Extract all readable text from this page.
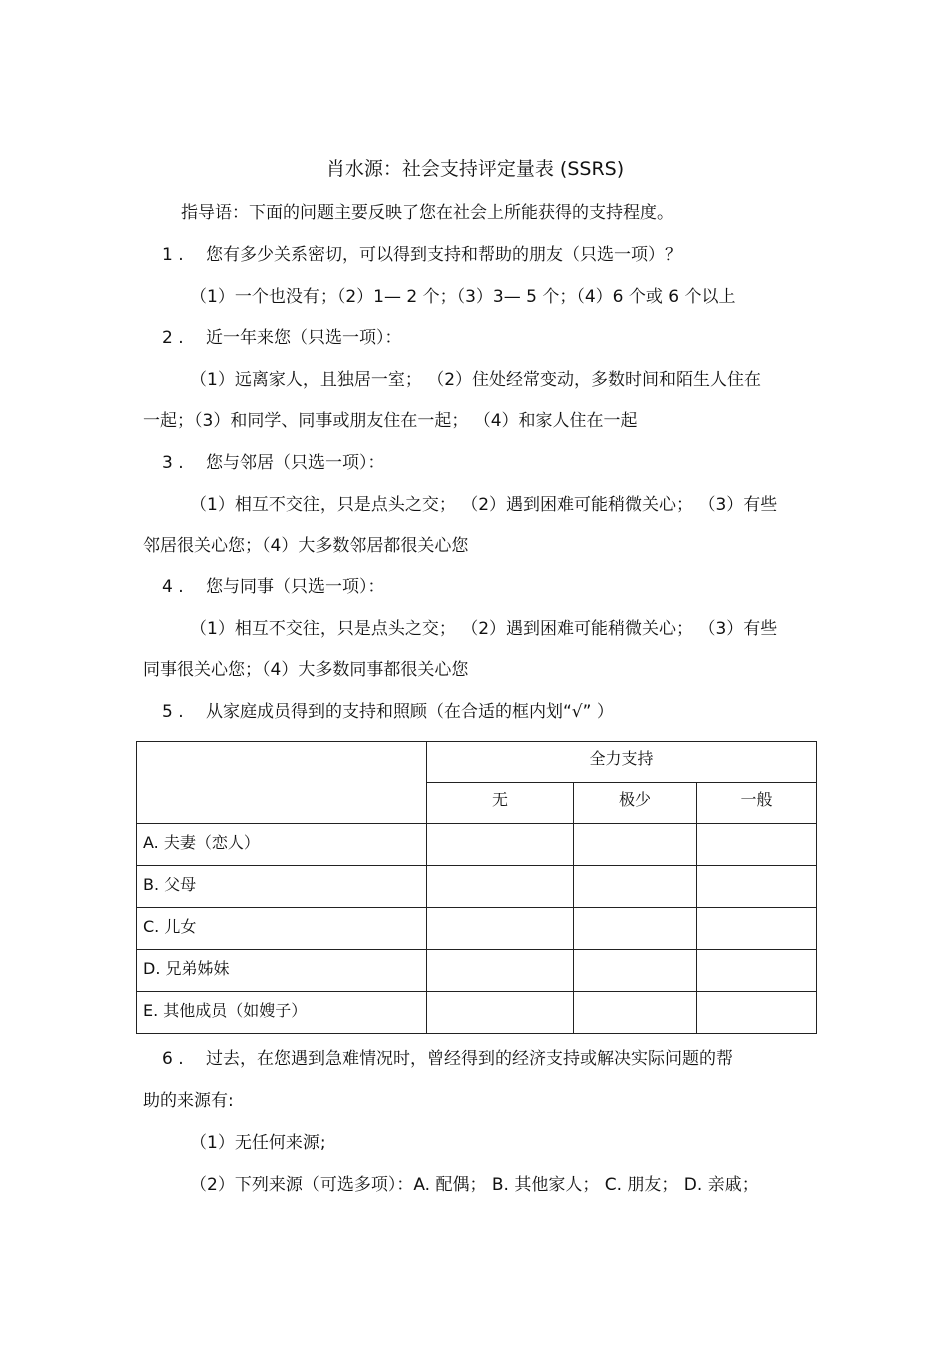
肖水源：社会支持评定量表 (SSRS)
指导语：下面的问题主要反映了您在社会上所能获得的支持程度。
1 . 您有多少关系密切，可以得到支持和帮助的朋友（只选一项）？
（1）一个也没有；（2）1— 2 个；（3）3— 5 个；（4）6 个或 6 个以上
2 . 近一年来您（只选一项）：
（1）远离家人，且独居一室； （2）住处经常变动，多数时间和陌生人住在
一起；（3）和同学、同事或朋友住在一起； （4）和家人住在一起
3 . 您与邻居（只选一项）：
（1）相互不交往，只是点头之交； （2）遇到困难可能稍微关心； （3）有些
邻居很关心您；（4）大多数邻居都很关心您
4 . 您与同事（只选一项）：
（1）相互不交往，只是点头之交； （2）遇到困难可能稍微关心； （3）有些
同事很关心您；（4）大多数同事都很关心您
5 . 从家庭成员得到的支持和照顾（在合适的框内划“√” ）
	全力支持		
	无	极少	一般
A. 夫妻（恋人）			
B. 父母			
C. 儿女			
D. 兄弟姊妹			
E. 其他成员（如嫂子）			
6 . 过去，在您遇到急难情况时，曾经得到的经济支持或解决实际问题的帮
助的来源有:
（1）无任何来源;
（2）下列来源（可选多项）：A. 配偶； B. 其他家人； C. 朋友； D. 亲戚；
